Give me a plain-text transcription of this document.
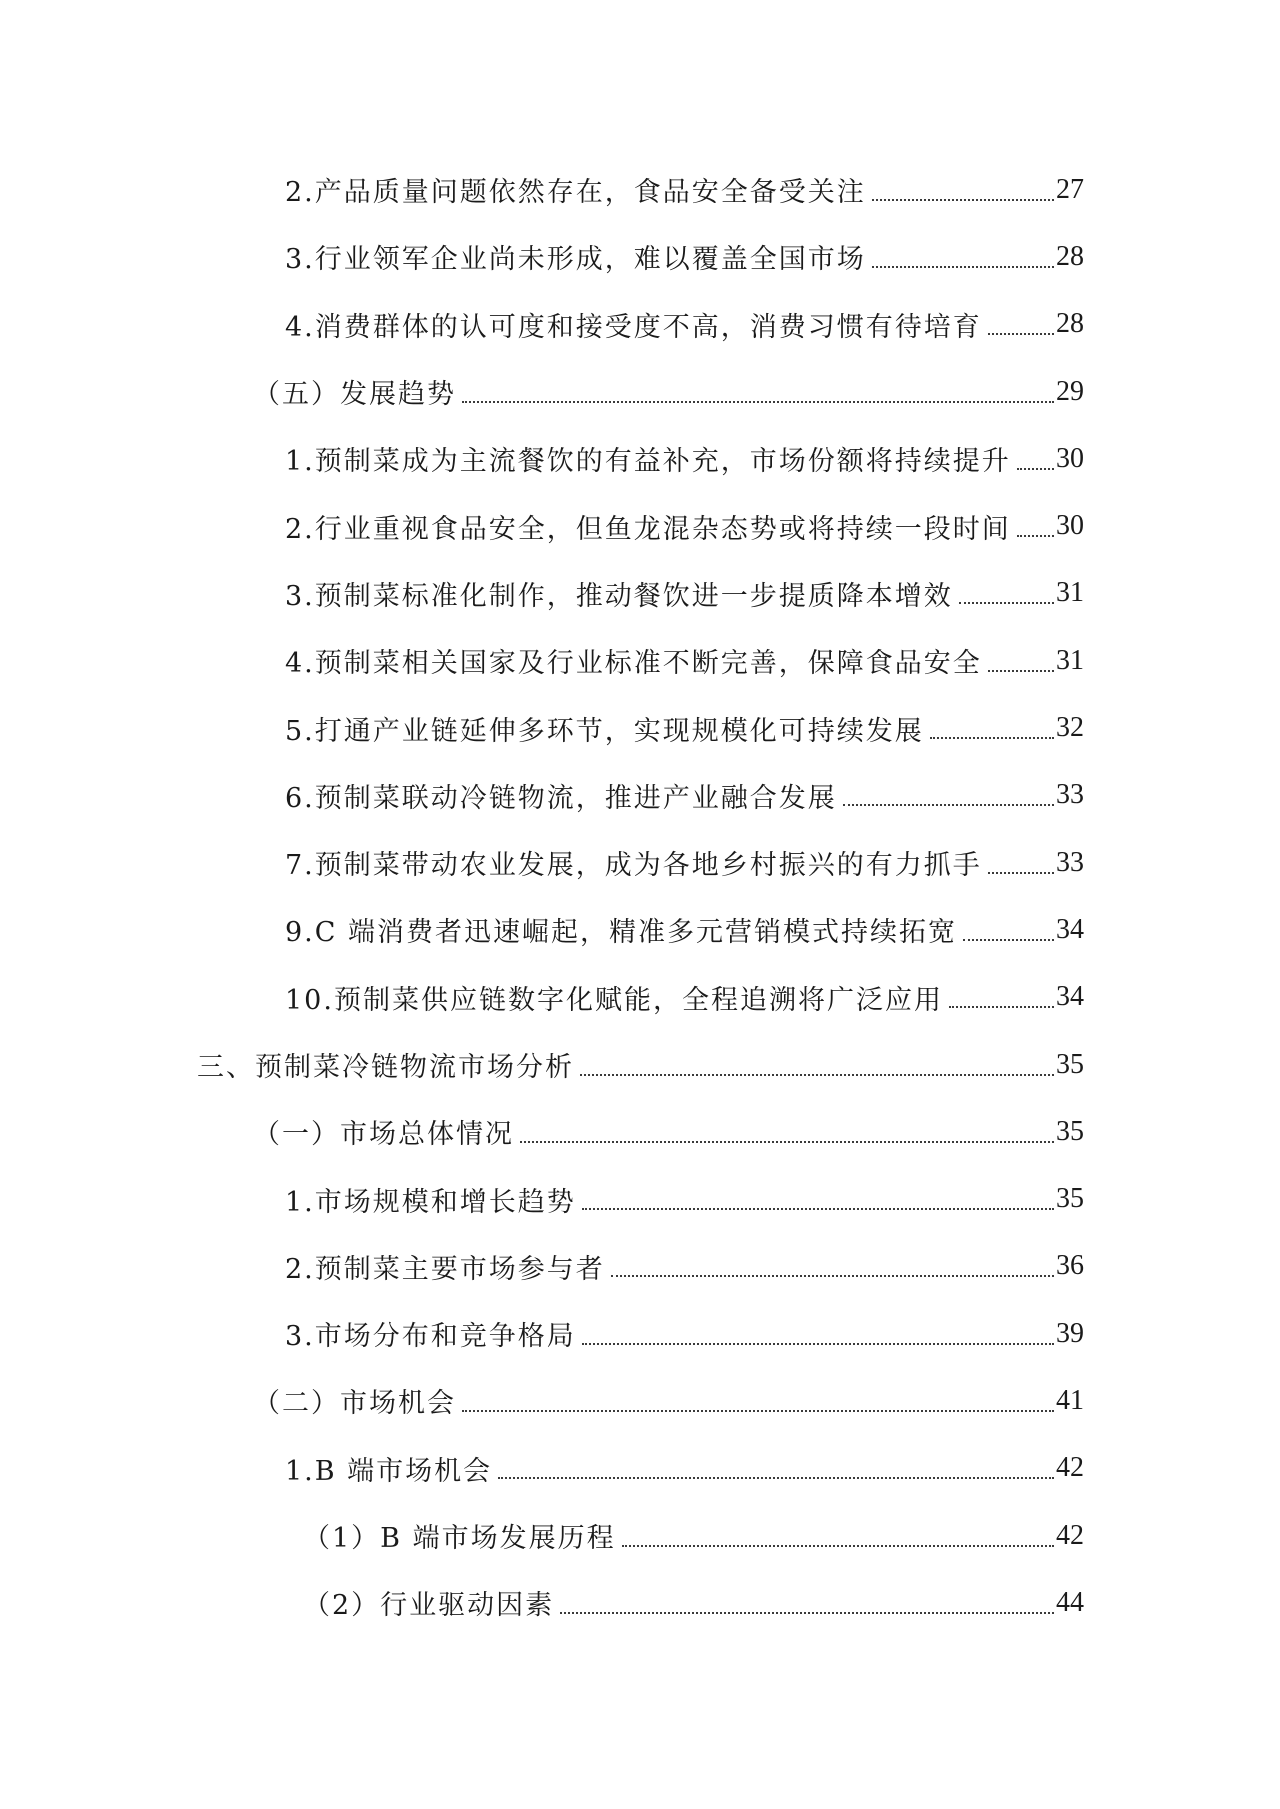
2.产品质量问题依然存在，食品安全备受关注	27
3.行业领军企业尚未形成，难以覆盖全国市场	28
4.消费群体的认可度和接受度不高，消费习惯有待培育	28
（五）发展趋势	29
1.预制菜成为主流餐饮的有益补充，市场份额将持续提升 30
2.行业重视食品安全，但鱼龙混杂态势或将持续一段时间 30
3.预制菜标准化制作，推动餐饮进一步提质降本增效	31
4.预制菜相关国家及行业标准不断完善，保障食品安全	31
5.打通产业链延伸多环节，实现规模化可持续发展	32
6.预制菜联动冷链物流，推进产业融合发展	33
7.预制菜带动农业发展，成为各地乡村振兴的有力抓手	33
9.C 端消费者迅速崛起，精准多元营销模式持续拓宽	34
10.预制菜供应链数字化赋能，全程追溯将广泛应用	34
三、预制菜冷链物流市场分析	35
（一）市场总体情况	35
1.市场规模和增长趋势	35
2.预制菜主要市场参与者	36
3.市场分布和竞争格局	39
（二）市场机会	41
1.B 端市场机会	42
（1）B 端市场发展历程	42
（2）行业驱动因素	44
